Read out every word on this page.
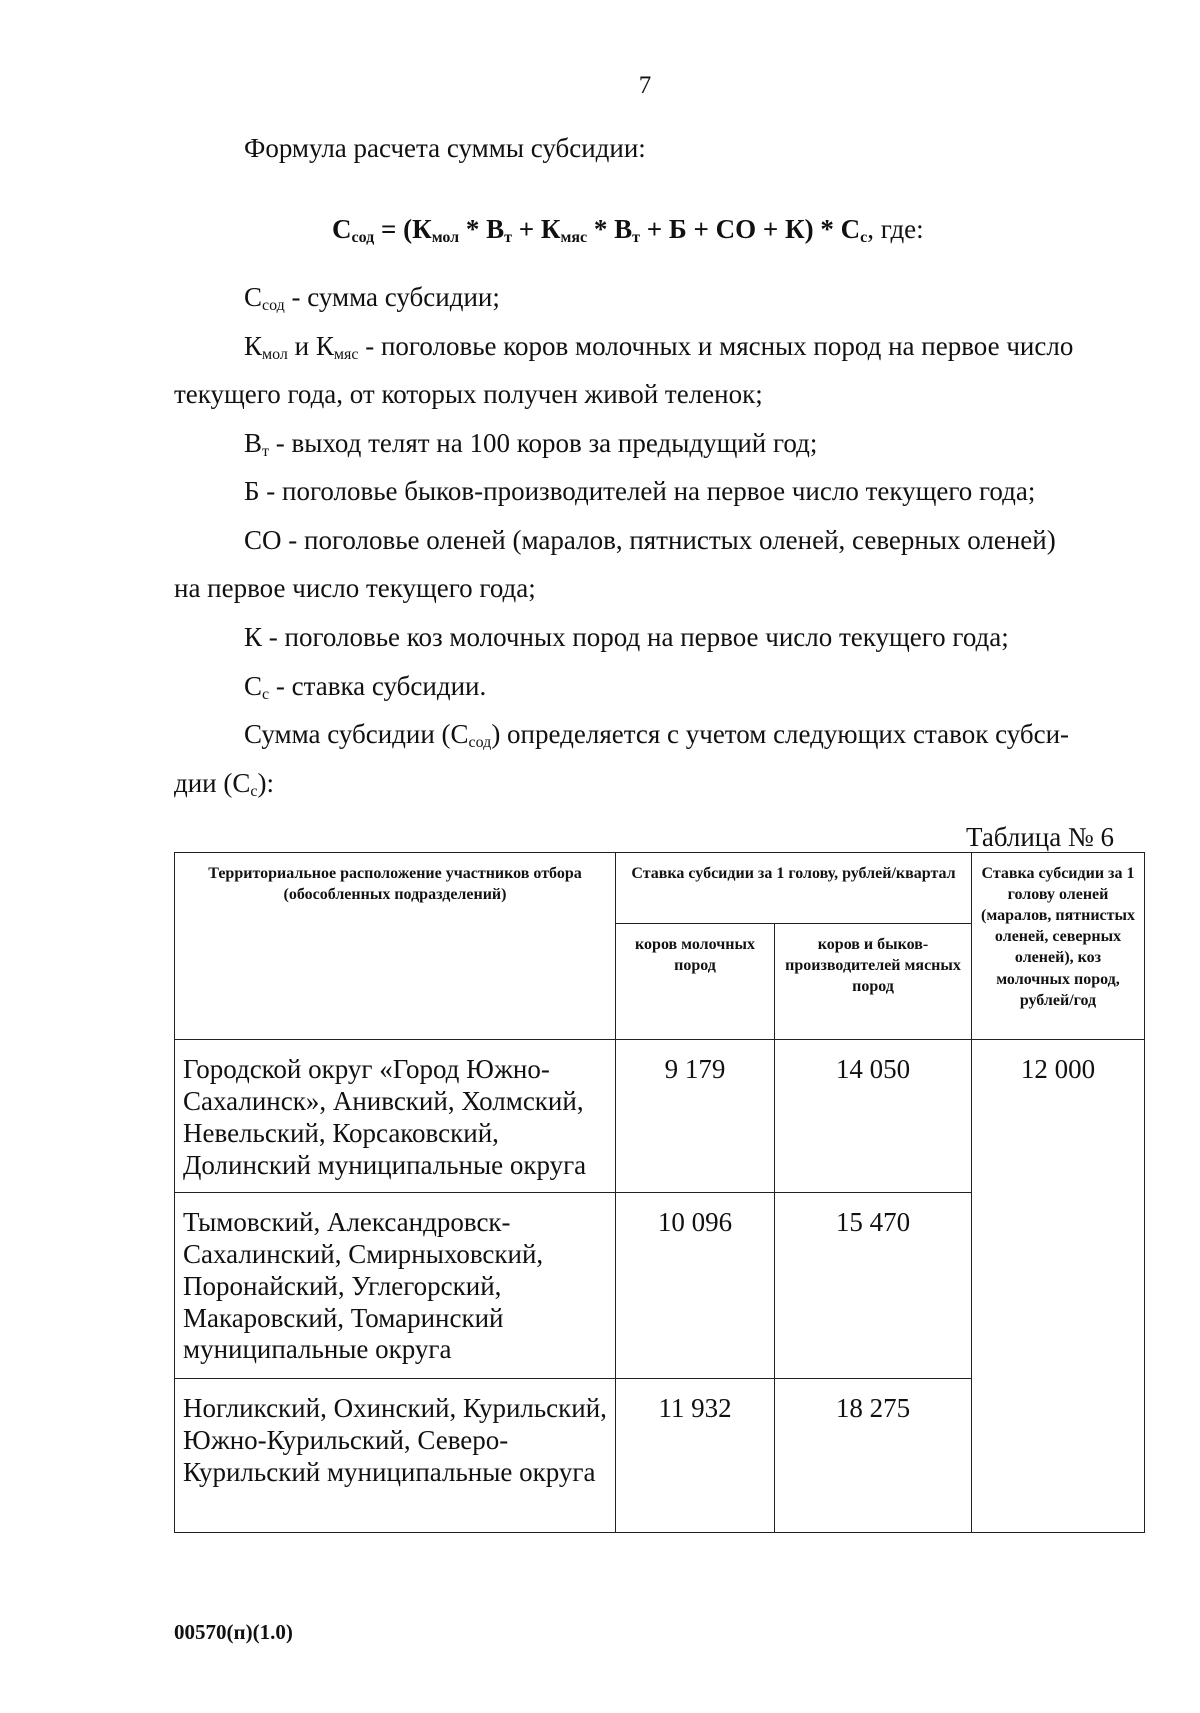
7
Формула расчета суммы субсидии:
$С_{сод} = (К_{мол} * В_т + К_{мяс} * В_т + Б$ + СО + $К) * С_с$, где:
$С_{сод}$ - сумма субсидии;
$К_{мол}$ и $К_{мяс}$ - поголовье коров молочных и мясных пород на первое число
текущего года, от которых получен живой теленок;
$В_т$ - выход телят на 100 коров за предыдущий год;
Б - поголовье быков-производителей на первое число текущего года;
СО - поголовье оленей (маралов, пятнистых оленей, северных оленей)
на первое число текущего года;
К - поголовье коз молочных пород на первое число текущего года;
$С_с$ - ставка субсидии.
Сумма субсидии $(С_{сод})$ определяется с учетом следующих ставок субси-
дии $(С_с)$:
Таблица № 6
Территориальное расположение участников отбора (обособленных подразделений)	Ставка субсидии за 1 голову, рублей/квартал		Ставка субсидии за 1 голову оленей (маралов, пятнистых оленей, северных оленей), коз молочных пород, рублей/год
	коров молочных пород	коров и быков-производителей мясных пород	
Городской округ «Город Южно-Сахалинск», Анивский, Холмский, Невельский, Корсаковский, Долинский муниципальные округа	9 179	14 050	12 000
Тымовский, Александровск-Сахалинский, Смирныховский, Поронайский, Углегорский, Макаровский, Томаринский муниципальные округа	10 096	15 470	
Ногликский, Охинский, Курильский, Южно-Курильский, Северо-Курильский муниципальные округа	11 932	18 275	
00570(п)(1.0)
